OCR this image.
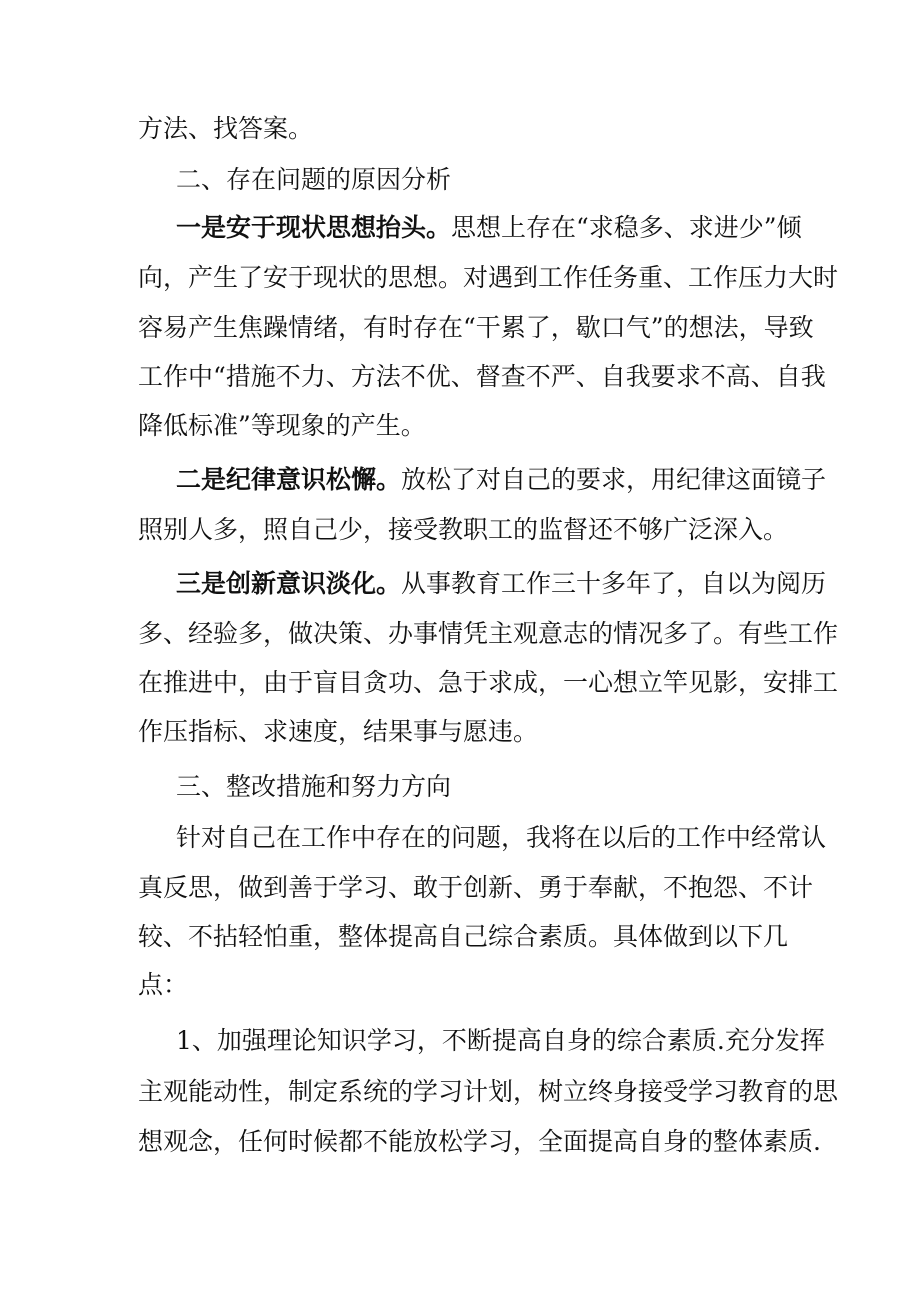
方法、找答案。
二、存在问题的原因分析
一是安于现状思想抬头。思想上存在“求稳多、求进少”倾
向，产生了安于现状的思想。对遇到工作任务重、工作压力大时
容易产生焦躁情绪，有时存在“干累了，歇口气”的想法，导致
工作中“措施不力、方法不优、督查不严、自我要求不高、自我
降低标准”等现象的产生。
二是纪律意识松懈。放松了对自己的要求，用纪律这面镜子
照别人多，照自己少，接受教职工的监督还不够广泛深入。
三是创新意识淡化。从事教育工作三十多年了，自以为阅历
多、经验多，做决策、办事情凭主观意志的情况多了。有些工作
在推进中，由于盲目贪功、急于求成，一心想立竿见影，安排工
作压指标、求速度，结果事与愿违。
三、整改措施和努力方向
针对自己在工作中存在的问题，我将在以后的工作中经常认
真反思，做到善于学习、敢于创新、勇于奉献，不抱怨、不计
较、不拈轻怕重，整体提高自己综合素质。具体做到以下几
点：
1、加强理论知识学习，不断提高自身的综合素质.充分发挥
主观能动性，制定系统的学习计划，树立终身接受学习教育的思
想观念，任何时候都不能放松学习，全面提高自身的整体素质.
